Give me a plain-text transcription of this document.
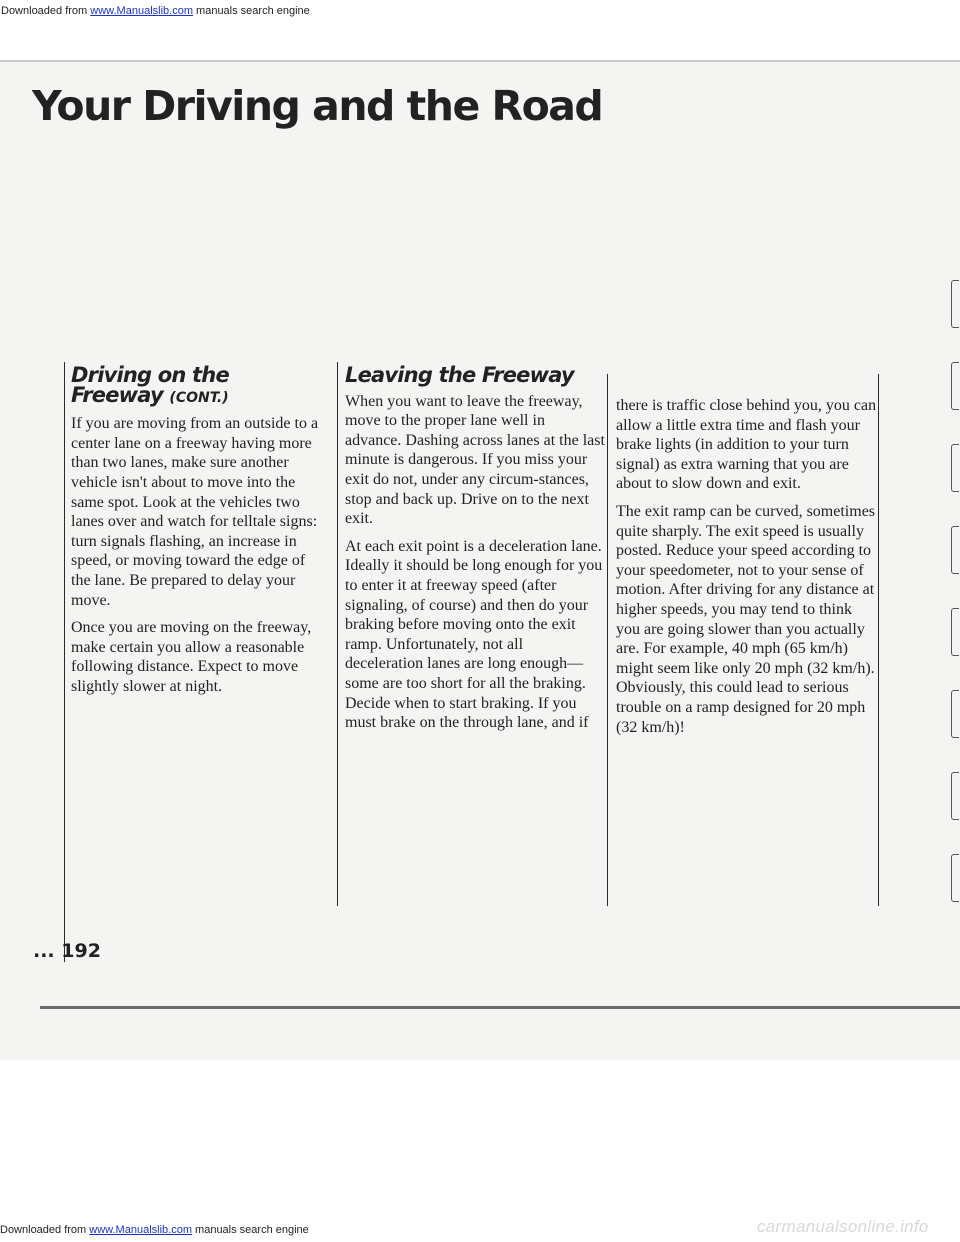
Downloaded from www.Manualslib.com manuals search engine
Your Driving and the Road
Driving on the Freeway (CONT.)

If you are moving from an outside to a center lane on a freeway having more than two lanes, make sure another vehicle isn't about to move into the same spot. Look at the vehicles two lanes over and watch for telltale signs: turn signals flashing, an increase in speed, or moving toward the edge of the lane. Be prepared to delay your move.

Once you are moving on the freeway, make certain you allow a reasonable following distance. Expect to move slightly slower at night.

Leaving the Freeway

When you want to leave the freeway, move to the proper lane well in advance. Dashing across lanes at the last minute is dangerous. If you miss your exit do not, under any circum-stances, stop and back up. Drive on to the next exit.

At each exit point is a deceleration lane. Ideally it should be long enough for you to enter it at freeway speed (after signaling, of course) and then do your braking before moving onto the exit ramp. Unfortunately, not all deceleration lanes are long enough—some are too short for all the braking. Decide when to start braking. If you must brake on the through lane, and if

there is traffic close behind you, you can allow a little extra time and flash your brake lights (in addition to your turn signal) as extra warning that you are about to slow down and exit.

The exit ramp can be curved, sometimes quite sharply. The exit speed is usually posted. Reduce your speed according to your speedometer, not to your sense of motion. After driving for any distance at higher speeds, you may tend to think you are going slower than you actually are. For example, 40 mph (65 km/h) might seem like only 20 mph (32 km/h). Obviously, this could lead to serious trouble on a ramp designed for 20 mph (32 km/h)!

... 192
carmanualsonline.info
Downloaded from www.Manualslib.com manuals search engine
